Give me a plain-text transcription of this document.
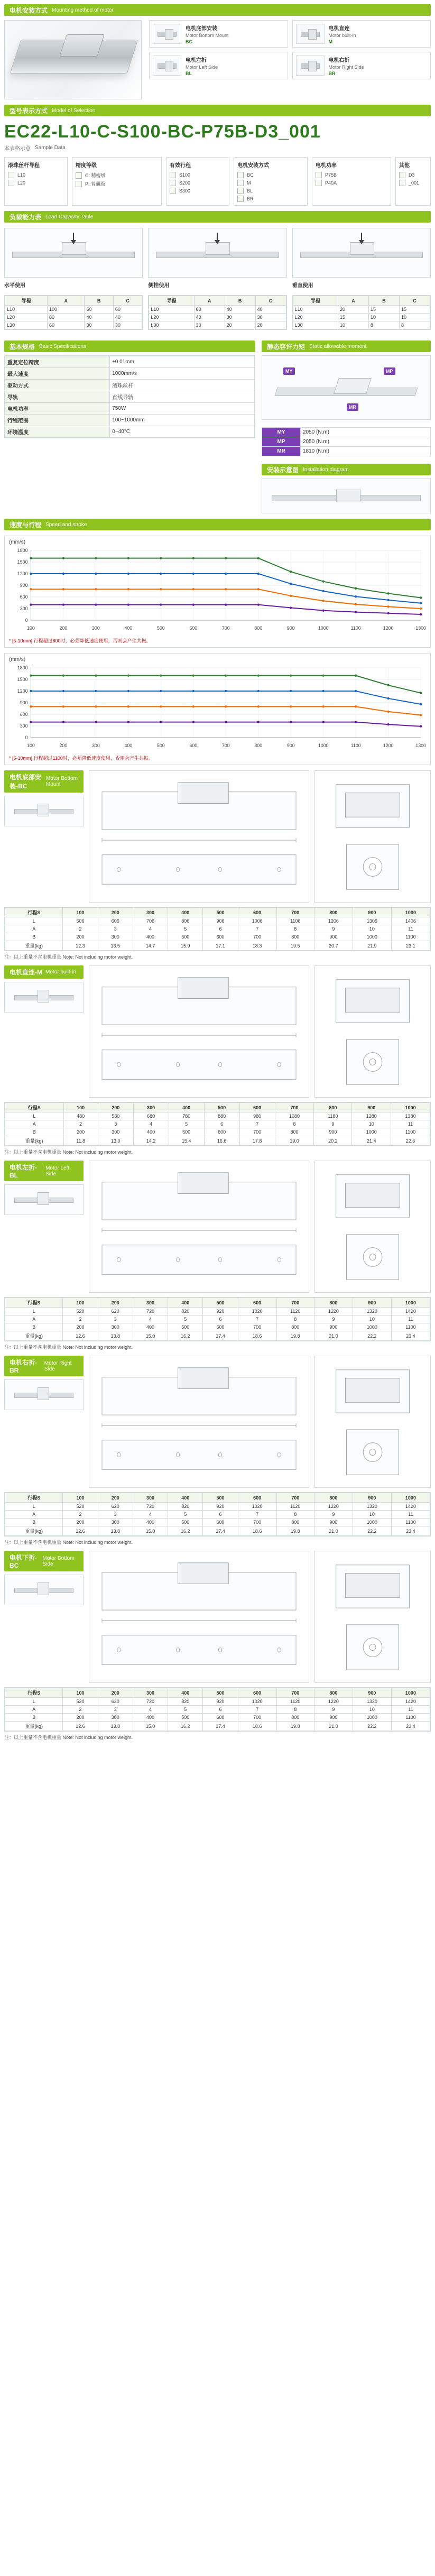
电机安装方式 Mounting method of motor
电机底部安装
Motor Bottom Mount
BC
电机直连
Motor built-in
M
电机左折
Motor Left Side
BL
电机右折
Motor Right Side
BR
型号表示方式 Model of Selection
EC22-L10-C-S100-BC-P75B-D3_001
本表格示意 Sample Data
滚珠丝杆导程
L10
L20
精度等级
C: 精密级
P: 普通级
有效行程
S100
S200
S300
电机安装方式
BC
M
BL
BR
电机功率
P75B
P40A
其他
D3
_001
负载能力表 Load Capacity Table
水平使用
导程	A	B	C
L10	100	60	60
L20	80	40	40
L30	60	30	30
侧挂使用
导程	A	B	C
L10	60	40	40
L20	40	30	30
L30	30	20	20
垂直使用
导程	A	B	C
L10	20	15	15
L20	15	10	10
L30	10	8	8
基本规格 Basic Specifications
重复定位精度	±0.01mm
最大速度	1000mm/s
驱动方式	滚珠丝杆
导轨	直线导轨
电机功率	750W
行程范围	100~1000mm
环境温度	0~40°C
静态容许力矩 Static allowable moment
MY	MP
MR
MY	2050 (N.m)
MP	2050 (N.m)
MR	1810 (N.m)
安装示意图 Installation diagram
速度与行程 Speed and stroke
(mm/s)
0
300
600
900
1200
1500
1800
100	200	300	400	500	600	700	800	900	1000	1100	1200	1300
* [5-10mm] 行程超过800时，必须降低速度使用，否则会产生共振。
(mm/s)
0
300
600
900
1200
1500
1800
100	200	300	400	500	600	700	800	900	1000	1100	1200	1300
* [5-10mm] 行程超过1100时，必须降低速度使用，否则会产生共振。
电机底部安装-BC
Motor Bottom Mount
行程S	100	200	300	400	500	600	700	800	900	1000
L	506	606	706	806	906	1006	1106	1206	1306	1406
A	2	3	4	5	6	7	8	9	10	11
B	200	300	400	500	600	700	800	900	1000	1100
重量(kg)	12.3	13.5	14.7	15.9	17.1	18.3	19.5	20.7	21.9	23.1
注：以上重量不含电机重量 Note: Not including motor weight.
电机直连-M Motor built-in
行程S	100	200	300	400	500	600	700	800	900	1000
L	480	580	680	780	880	980	1080	1180	1280	1380
A	2	3	4	5	6	7	8	9	10	11
B	200	300	400	500	600	700	800	900	1000	1100
重量(kg)	11.8	13.0	14.2	15.4	16.6	17.8	19.0	20.2	21.4	22.6
注：以上重量不含电机重量 Note: Not including motor weight.
电机左折-BL
Motor Left Side
行程S	100	200	300	400	500	600	700	800	900	1000
L	520	620	720	820	920	1020	1120	1220	1320	1420
A	2	3	4	5	6	7	8	9	10	11
B	200	300	400	500	600	700	800	900	1000	1100
重量(kg)	12.6	13.8	15.0	16.2	17.4	18.6	19.8	21.0	22.2	23.4
注：以上重量不含电机重量 Note: Not including motor weight.
电机右折-BR
Motor Right Side
行程S	100	200	300	400	500	600	700	800	900	1000
L	520	620	720	820	920	1020	1120	1220	1320	1420
A	2	3	4	5	6	7	8	9	10	11
B	200	300	400	500	600	700	800	900	1000	1100
重量(kg)	12.6	13.8	15.0	16.2	17.4	18.6	19.8	21.0	22.2	23.4
注：以上重量不含电机重量 Note: Not including motor weight.
电机下折-BC
Motor Bottom Side
行程S	100	200	300	400	500	600	700	800	900	1000
L	520	620	720	820	920	1020	1120	1220	1320	1420
A	2	3	4	5	6	7	8	9	10	11
B	200	300	400	500	600	700	800	900	1000	1100
重量(kg)	12.6	13.8	15.0	16.2	17.4	18.6	19.8	21.0	22.2	23.4
注：以上重量不含电机重量 Note: Not including motor weight.
